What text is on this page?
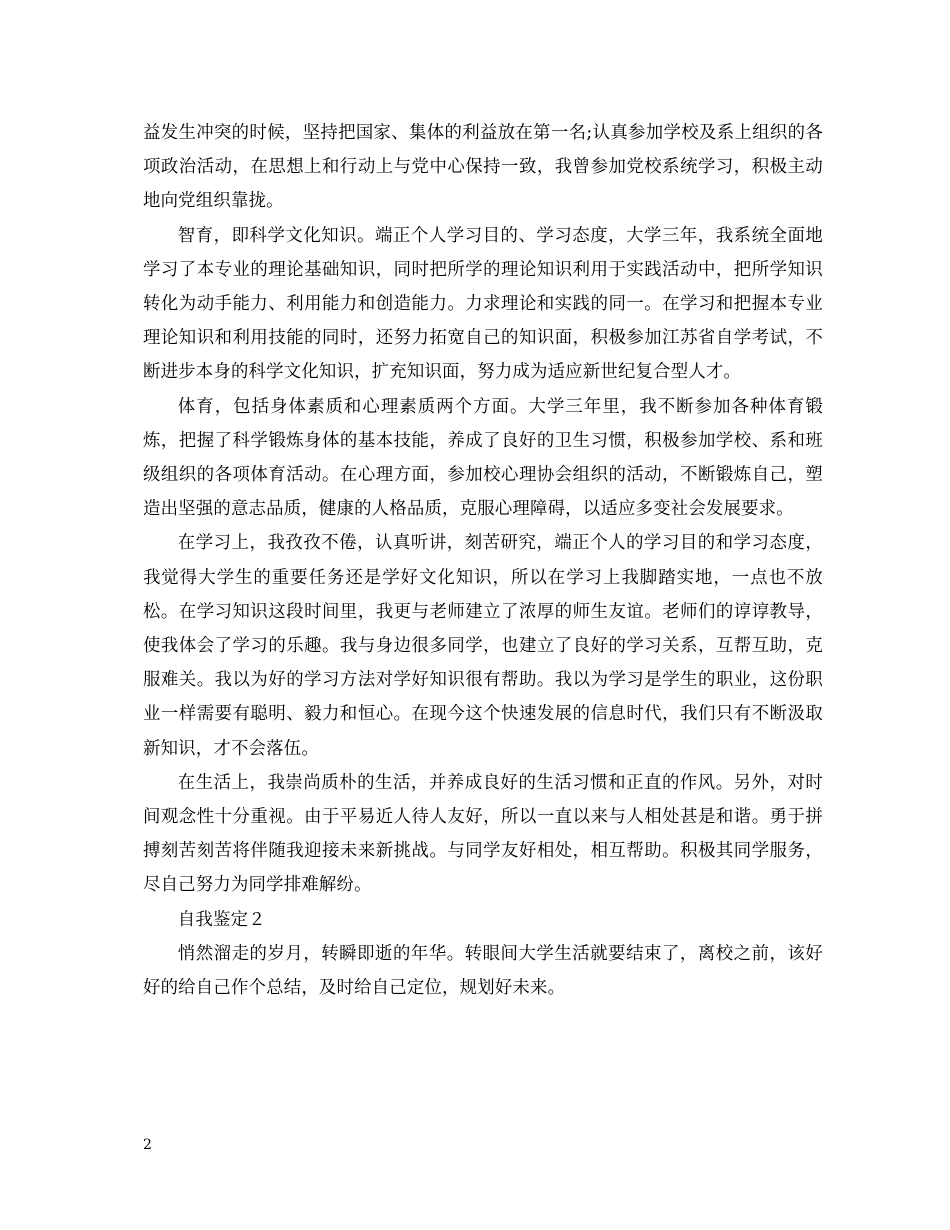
益发生冲突的时候，坚持把国家、集体的利益放在第一名;认真参加学校及系上组织的各项政治活动，在思想上和行动上与党中心保持一致，我曾参加党校系统学习，积极主动地向党组织靠拢。

智育，即科学文化知识。端正个人学习目的、学习态度，大学三年，我系统全面地学习了本专业的理论基础知识，同时把所学的理论知识利用于实践活动中，把所学知识转化为动手能力、利用能力和创造能力。力求理论和实践的同一。在学习和把握本专业理论知识和利用技能的同时，还努力拓宽自己的知识面，积极参加江苏省自学考试，不断进步本身的科学文化知识，扩充知识面，努力成为适应新世纪复合型人才。

体育，包括身体素质和心理素质两个方面。大学三年里，我不断参加各种体育锻炼，把握了科学锻炼身体的基本技能，养成了良好的卫生习惯，积极参加学校、系和班级组织的各项体育活动。在心理方面，参加校心理协会组织的活动，不断锻炼自己，塑造出坚强的意志品质，健康的人格品质，克服心理障碍，以适应多变社会发展要求。

在学习上，我孜孜不倦，认真听讲，刻苦研究，端正个人的学习目的和学习态度，我觉得大学生的重要任务还是学好文化知识，所以在学习上我脚踏实地，一点也不放松。在学习知识这段时间里，我更与老师建立了浓厚的师生友谊。老师们的谆谆教导，使我体会了学习的乐趣。我与身边很多同学，也建立了良好的学习关系，互帮互助，克服难关。我以为好的学习方法对学好知识很有帮助。我以为学习是学生的职业，这份职业一样需要有聪明、毅力和恒心。在现今这个快速发展的信息时代，我们只有不断汲取新知识，才不会落伍。

在生活上，我崇尚质朴的生活，并养成良好的生活习惯和正直的作风。另外，对时间观念性十分重视。由于平易近人待人友好，所以一直以来与人相处甚是和谐。勇于拼搏刻苦刻苦将伴随我迎接未来新挑战。与同学友好相处，相互帮助。积极其同学服务，尽自己努力为同学排难解纷。

自我鉴定２

悄然溜走的岁月，转瞬即逝的年华。转眼间大学生活就要结束了，离校之前，该好好的给自己作个总结，及时给自己定位，规划好未来。

2
